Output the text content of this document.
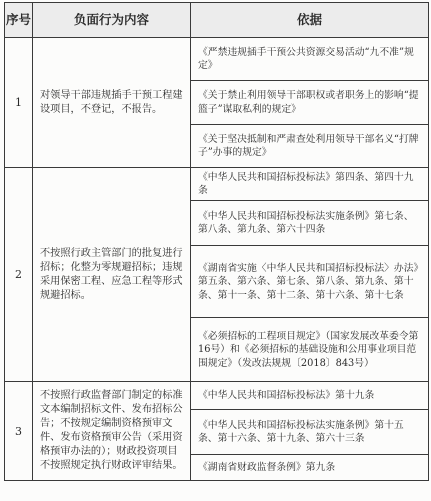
序号	负面行为内容	依据
1	对领导干部违规插手干预工程建设项目，不登记，不报告。	《严禁违规插手干预公共资源交易活动“九不准”规定》
		《关于禁止利用领导干部职权或者职务上的影响“提篮子”谋取私利的规定》
		《关于坚决抵制和严肃查处利用领导干部名义“打牌子”办事的规定》
2	不按照行政主管部门的批复进行招标；化整为零规避招标；违规采用保密工程、应急工程等形式规避招标。	《中华人民共和国招标投标法》第四条、第四十九条
		《中华人民共和国招标投标法实施条例》第七条、第八条、第九条、第六十四条
		《湖南省实施〈中华人民共和国招标投标法〉办法》第五条、第六条、第七条、第八条、第九条、第十条、第十一条、第十二条、第十六条、第十七条
		《必须招标的工程项目规定》（国家发展改革委令第16号）和《必须招标的基础设施和公用事业项目范围规定》（发改法规规〔2018〕843号）
3	不按照行政监督部门制定的标准文本编制招标文件、发布招标公告；不按规定编制资格预审文件、发布资格预审公告（采用资格预审办法的）；财政投资项目不按照规定执行财政评审结果。	《中华人民共和国招标投标法》第十九条
		《中华人民共和国招标投标法实施条例》第十五条、第十六条、第十九条、第六十三条
		《湖南省财政监督条例》第九条
